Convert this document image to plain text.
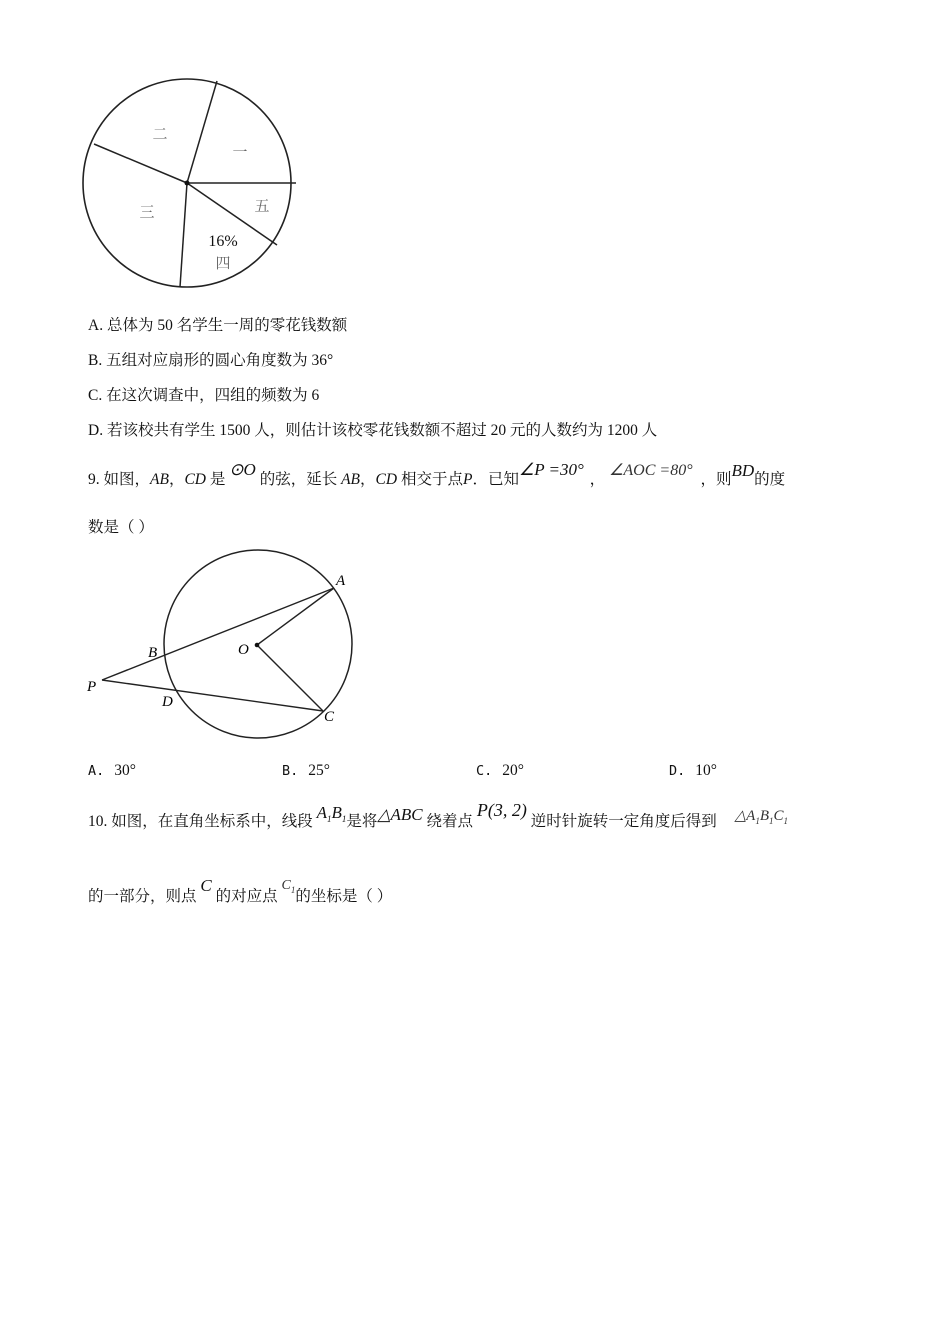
一
二
三
16%
四
五
A. 总体为 50 名学生一周的零花钱数额
B. 五组对应扇形的圆心角度数为 36°
C. 在这次调查中，四组的频数为 6
D. 若该校共有学生 1500 人，则估计该校零花钱数额不超过 20 元的人数约为 1200 人
9. 如图，AB，CD 是 ⊙O 的弦，延长 AB，CD 相交于点P．已知∠P =30° ， ∠AOC =80° ，则BD的度
数是（ ）
A
B	O
P
D
C
A. 30°	B. 25°	C. 20°	D. 10°
10. 如图，在直角坐标系中，线段 $A_1B_1$是将△ABC 绕着点 P(3, 2) 逆时针旋转一定角度后得到 $\triangle A_1B_1C_1$
的一部分，则点 C 的对应点 $C_1$的坐标是（ ）
